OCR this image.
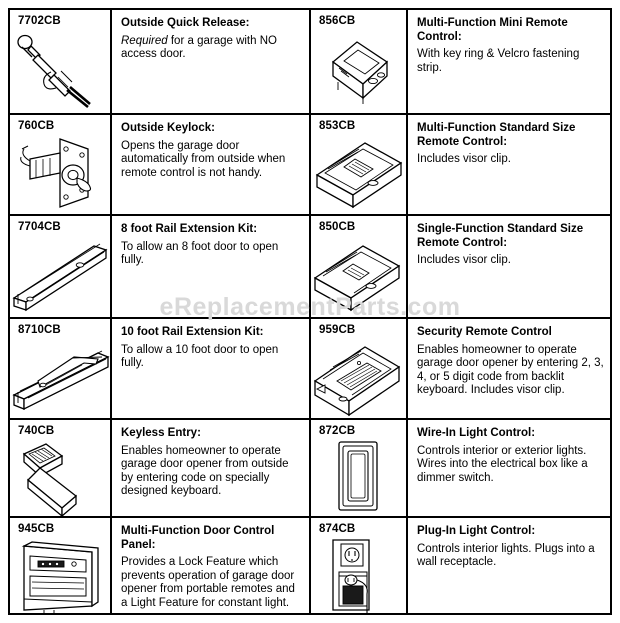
7702CB	Outside Quick Release:

Required for a garage with NO access door.

856CB	Multi-Function Mini Remote Control:

With key ring & Velcro fastening strip.

760CB	Outside Keylock:

Opens the garage door automatically from outside when remote control is not handy.

853CB	Multi-Function Standard Size Remote Control:

Includes visor clip.

7704CB	8 foot Rail Extension Kit:

To allow an 8 foot door to open fully.

850CB	Single-Function Standard Size Remote Control:

Includes visor clip.

8710CB	10 foot Rail Extension Kit:

To allow a 10 foot door to open fully.

959CB	Security Remote Control

Enables homeowner to operate garage door opener by entering 2, 3, 4, or 5 digit code from backlit keyboard. Includes visor clip.

740CB	Keyless Entry:

Enables homeowner to operate garage door opener from outside by entering code on specially designed keyboard.

872CB	Wire-In Light Control:

Controls interior or exterior lights. Wires into the electrical box like a dimmer switch.

945CB	Multi-Function Door Control Panel:

Provides a Lock Feature which prevents operation of garage door opener from portable remotes and a Light Feature for constant light.

874CB	Plug-In Light Control:

Controls interior lights. Plugs into a wall receptacle.

eReplacementParts.com
